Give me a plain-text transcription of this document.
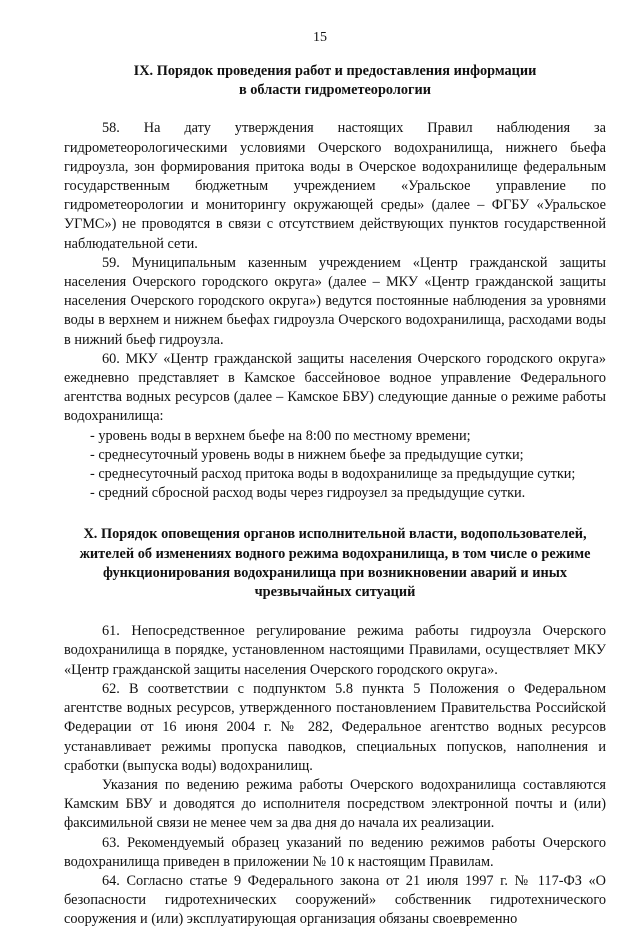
15
IX. Порядок проведения работ и предоставления информации
в области гидрометеорологии

58. На дату утверждения настоящих Правил наблюдения за гидрометеорологическими условиями Очерского водохранилища, нижнего бьефа гидроузла, зон формирования притока воды в Очерское водохранилище федеральным государственным бюджетным учреждением «Уральское управление по гидрометеорологии и мониторингу окружающей среды» (далее – ФГБУ «Уральское УГМС») не проводятся в связи с отсутствием действующих пунктов государственной наблюдательной сети.

59. Муниципальным казенным учреждением «Центр гражданской защиты населения Очерского городского округа» (далее – МКУ «Центр гражданской защиты населения Очерского городского округа») ведутся постоянные наблюдения за уровнями воды в верхнем и нижнем бьефах гидроузла Очерского водохранилища, расходами воды в нижний бьеф гидроузла.

60. МКУ «Центр гражданской защиты населения Очерского городского округа» ежедневно представляет в Камское бассейновое водное управление Федерального агентства водных ресурсов (далее – Камское БВУ) следующие данные о режиме работы водохранилища:

- уровень воды в верхнем бьефе на 8:00 по местному времени;
- среднесуточный уровень воды в нижнем бьефе за предыдущие сутки;
- среднесуточный расход притока воды в водохранилище за предыдущие сутки;
- средний сбросной расход воды через гидроузел за предыдущие сутки.
X. Порядок оповещения органов исполнительной власти, водопользователей,
жителей об изменениях водного режима водохранилища, в том числе о режиме
функционирования водохранилища при возникновении аварий и иных
чрезвычайных ситуаций

61. Непосредственное регулирование режима работы гидроузла Очерского водохранилища в порядке, установленном настоящими Правилами, осуществляет МКУ «Центр гражданской защиты населения Очерского городского округа».

62. В соответствии с подпунктом 5.8 пункта 5 Положения о Федеральном агентстве водных ресурсов, утвержденного постановлением Правительства Российской Федерации от 16 июня 2004 г. № 282, Федеральное агентство водных ресурсов устанавливает режимы пропуска паводков, специальных попусков, наполнения и сработки (выпуска воды) водохранилищ.

Указания по ведению режима работы Очерского водохранилища составляются Камским БВУ и доводятся до исполнителя посредством электронной почты и (или) факсимильной связи не менее чем за два дня до начала их реализации.

63. Рекомендуемый образец указаний по ведению режимов работы Очерского водохранилища приведен в приложении № 10 к настоящим Правилам.

64. Согласно статье 9 Федерального закона от 21 июля 1997 г. № 117-ФЗ «О безопасности гидротехнических сооружений» собственник гидротехнического сооружения и (или) эксплуатирующая организация обязаны своевременно
